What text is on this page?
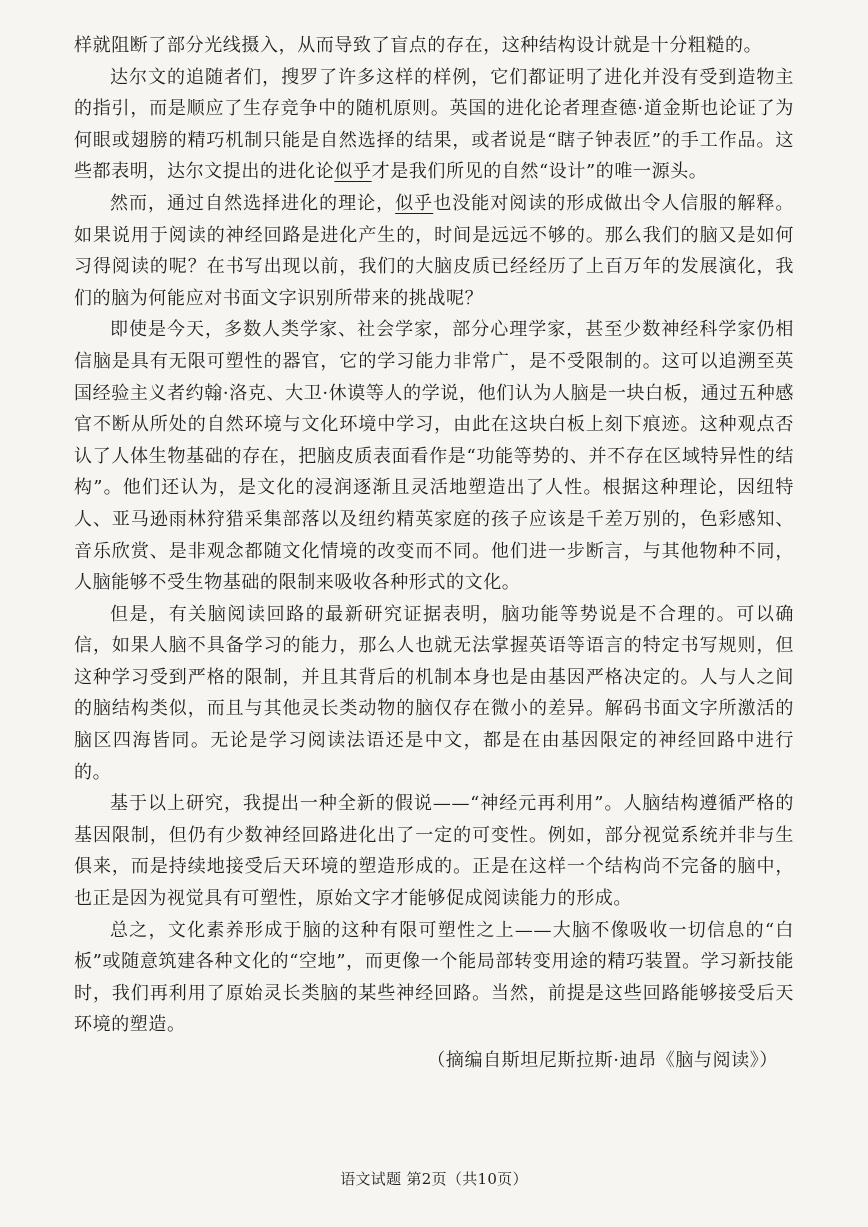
样就阻断了部分光线摄入，从而导致了盲点的存在，这种结构设计就是十分粗糙的。

达尔文的追随者们，搜罗了许多这样的样例，它们都证明了进化并没有受到造物主的指引，而是顺应了生存竞争中的随机原则。英国的进化论者理查德·道金斯也论证了为何眼或翅膀的精巧机制只能是自然选择的结果，或者说是“瞎子钟表匠”的手工作品。这些都表明，达尔文提出的进化论似乎才是我们所见的自然“设计”的唯一源头。

然而，通过自然选择进化的理论，似乎也没能对阅读的形成做出令人信服的解释。如果说用于阅读的神经回路是进化产生的，时间是远远不够的。那么我们的脑又是如何习得阅读的呢？在书写出现以前，我们的大脑皮质已经经历了上百万年的发展演化，我们的脑为何能应对书面文字识别所带来的挑战呢？

即使是今天，多数人类学家、社会学家，部分心理学家，甚至少数神经科学家仍相信脑是具有无限可塑性的器官，它的学习能力非常广，是不受限制的。这可以追溯至英国经验主义者约翰·洛克、大卫·休谟等人的学说，他们认为人脑是一块白板，通过五种感官不断从所处的自然环境与文化环境中学习，由此在这块白板上刻下痕迹。这种观点否认了人体生物基础的存在，把脑皮质表面看作是“功能等势的、并不存在区域特异性的结构”。他们还认为，是文化的浸润逐渐且灵活地塑造出了人性。根据这种理论，因纽特人、亚马逊雨林狩猎采集部落以及纽约精英家庭的孩子应该是千差万别的，色彩感知、音乐欣赏、是非观念都随文化情境的改变而不同。他们进一步断言，与其他物种不同，人脑能够不受生物基础的限制来吸收各种形式的文化。

但是，有关脑阅读回路的最新研究证据表明，脑功能等势说是不合理的。可以确信，如果人脑不具备学习的能力，那么人也就无法掌握英语等语言的特定书写规则，但这种学习受到严格的限制，并且其背后的机制本身也是由基因严格决定的。人与人之间的脑结构类似，而且与其他灵长类动物的脑仅存在微小的差异。解码书面文字所激活的脑区四海皆同。无论是学习阅读法语还是中文，都是在由基因限定的神经回路中进行的。

基于以上研究，我提出一种全新的假说——“神经元再利用”。人脑结构遵循严格的基因限制，但仍有少数神经回路进化出了一定的可变性。例如，部分视觉系统并非与生俱来，而是持续地接受后天环境的塑造形成的。正是在这样一个结构尚不完备的脑中，也正是因为视觉具有可塑性，原始文字才能够促成阅读能力的形成。

总之，文化素养形成于脑的这种有限可塑性之上——大脑不像吸收一切信息的“白板”或随意筑建各种文化的“空地”，而更像一个能局部转变用途的精巧装置。学习新技能时，我们再利用了原始灵长类脑的某些神经回路。当然，前提是这些回路能够接受后天环境的塑造。

（摘编自斯坦尼斯拉斯·迪昂《脑与阅读》）

语文试题 第2页（共10页）
